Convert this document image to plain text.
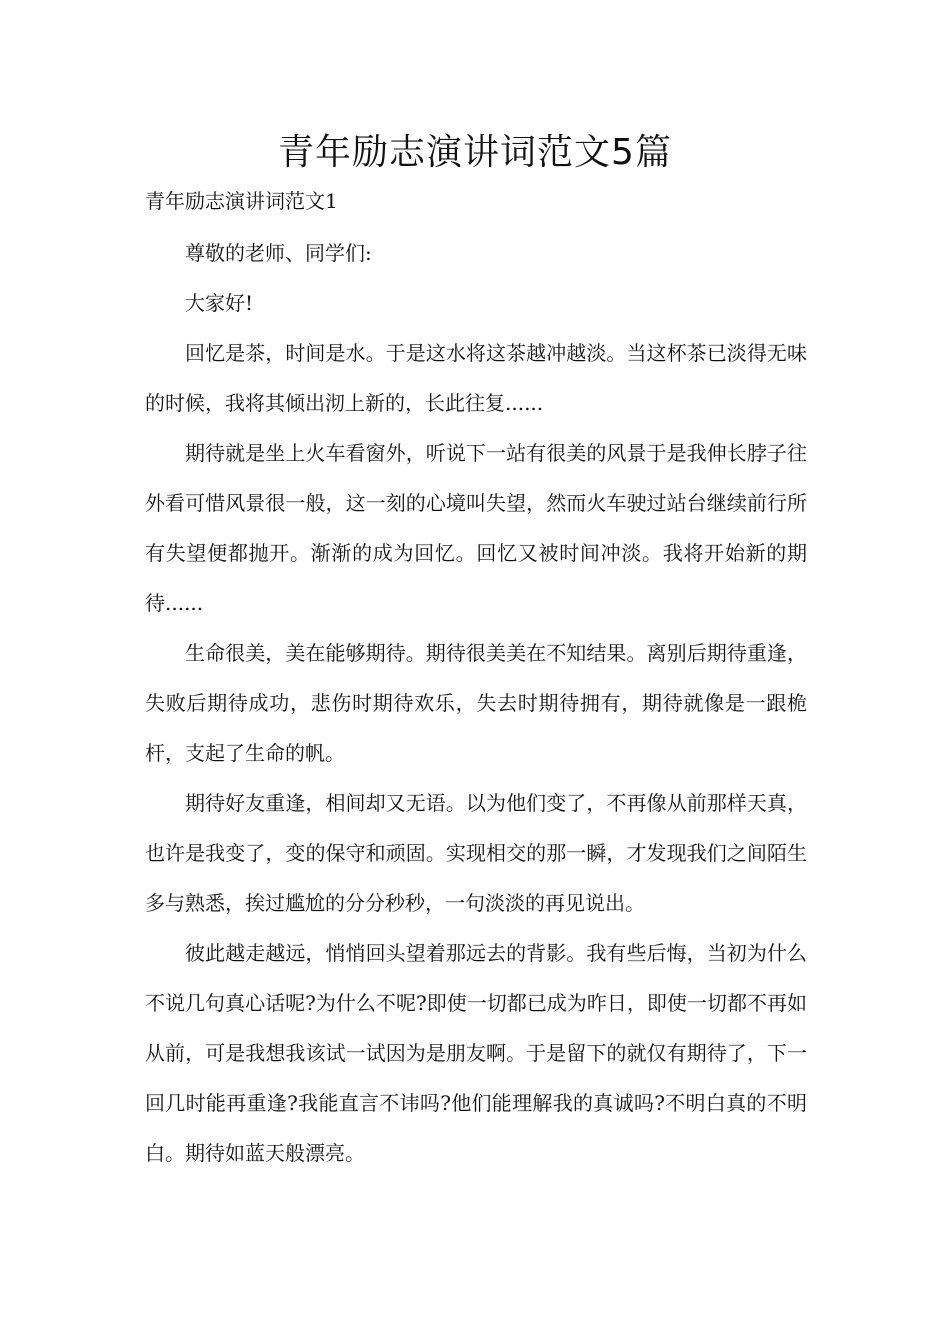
青年励志演讲词范文5篇

青年励志演讲词范文1

尊敬的老师、同学们:

大家好!

回忆是茶，时间是水。于是这水将这茶越冲越淡。当这杯茶已淡得无味的时候，我将其倾出沏上新的，长此往复......

期待就是坐上火车看窗外，听说下一站有很美的风景于是我伸长脖子往外看可惜风景很一般，这一刻的心境叫失望，然而火车驶过站台继续前行所有失望便都抛开。渐渐的成为回忆。回忆又被时间冲淡。我将开始新的期待......

生命很美，美在能够期待。期待很美美在不知结果。离别后期待重逢，失败后期待成功，悲伤时期待欢乐，失去时期待拥有，期待就像是一跟桅杆，支起了生命的帆。

期待好友重逢，相间却又无语。以为他们变了，不再像从前那样天真，也许是我变了，变的保守和顽固。实现相交的那一瞬，才发现我们之间陌生多与熟悉，挨过尴尬的分分秒秒，一句淡淡的再见说出。

彼此越走越远，悄悄回头望着那远去的背影。我有些后悔，当初为什么不说几句真心话呢?为什么不呢?即使一切都已成为昨日，即使一切都不再如从前，可是我想我该试一试因为是朋友啊。于是留下的就仅有期待了，下一回几时能再重逢?我能直言不讳吗?他们能理解我的真诚吗?不明白真的不明白。期待如蓝天般漂亮。
